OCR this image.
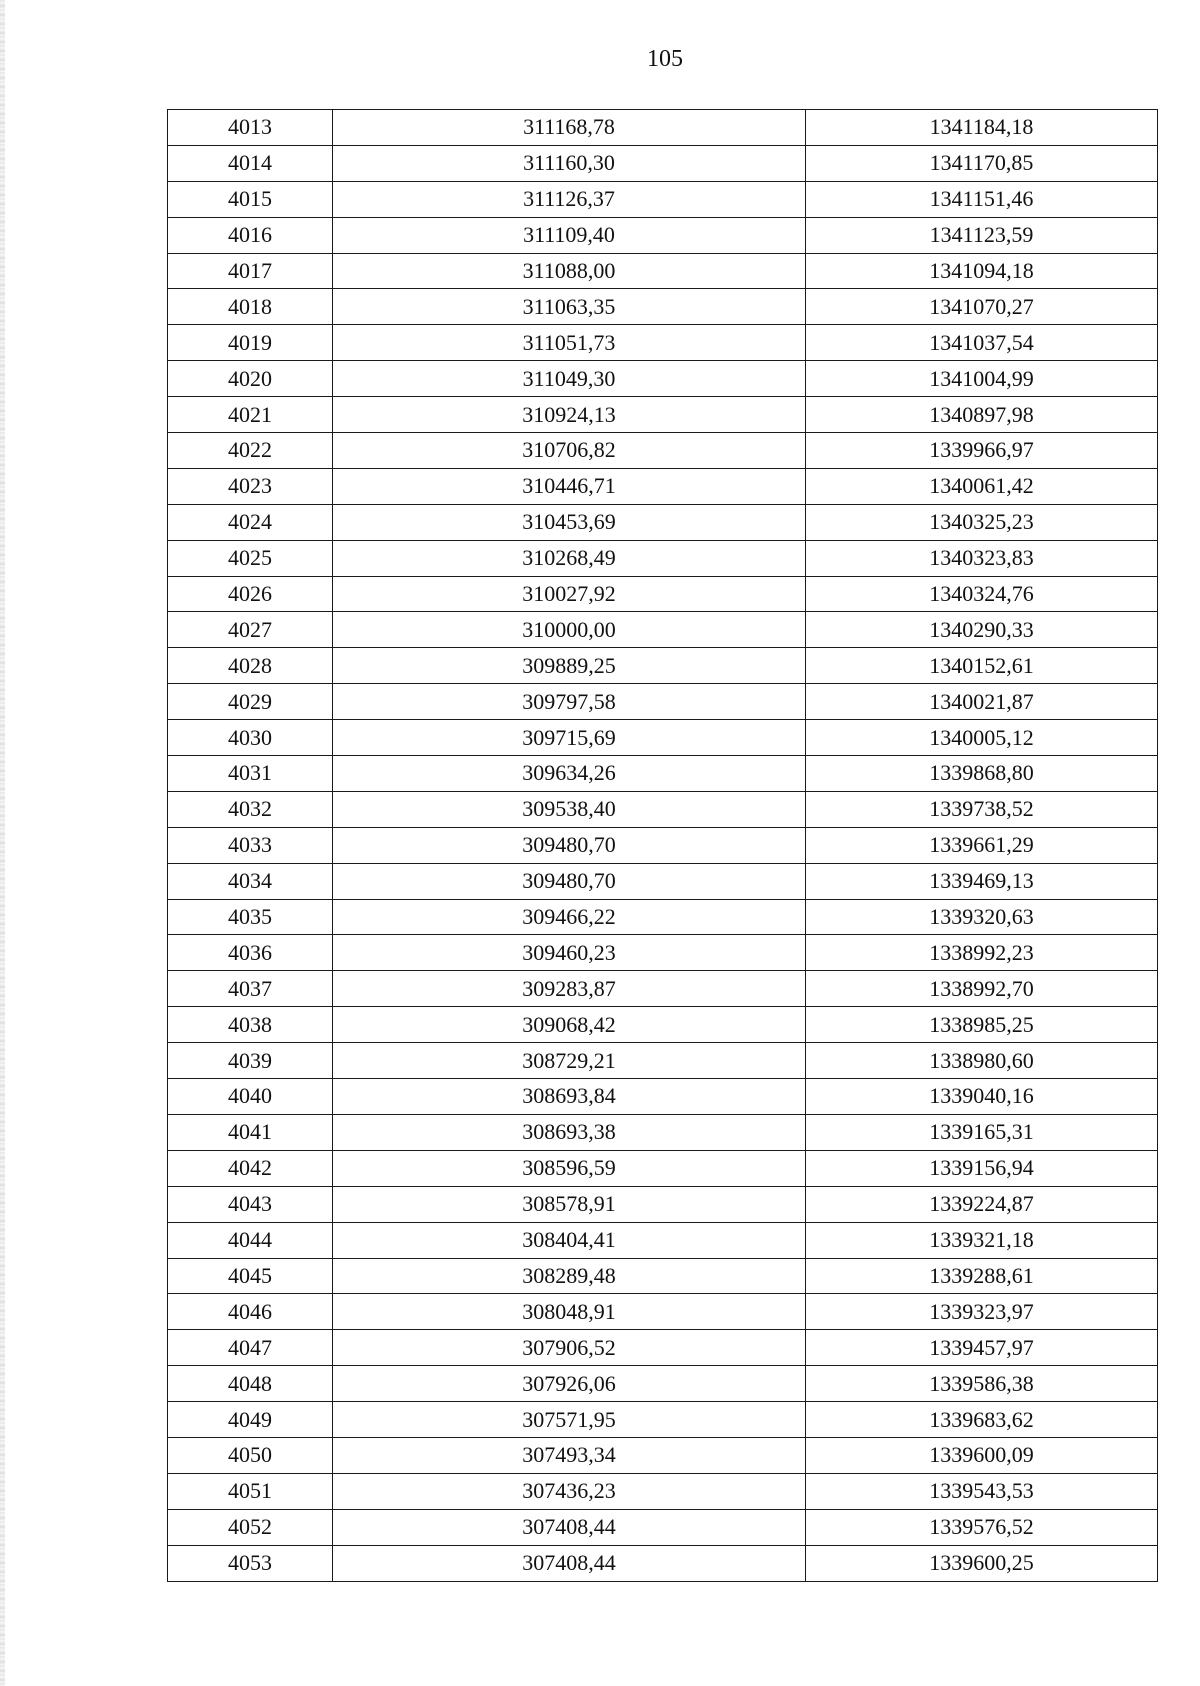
105
4013	311168,78	1341184,18
4014	311160,30	1341170,85
4015	311126,37	1341151,46
4016	311109,40	1341123,59
4017	311088,00	1341094,18
4018	311063,35	1341070,27
4019	311051,73	1341037,54
4020	311049,30	1341004,99
4021	310924,13	1340897,98
4022	310706,82	1339966,97
4023	310446,71	1340061,42
4024	310453,69	1340325,23
4025	310268,49	1340323,83
4026	310027,92	1340324,76
4027	310000,00	1340290,33
4028	309889,25	1340152,61
4029	309797,58	1340021,87
4030	309715,69	1340005,12
4031	309634,26	1339868,80
4032	309538,40	1339738,52
4033	309480,70	1339661,29
4034	309480,70	1339469,13
4035	309466,22	1339320,63
4036	309460,23	1338992,23
4037	309283,87	1338992,70
4038	309068,42	1338985,25
4039	308729,21	1338980,60
4040	308693,84	1339040,16
4041	308693,38	1339165,31
4042	308596,59	1339156,94
4043	308578,91	1339224,87
4044	308404,41	1339321,18
4045	308289,48	1339288,61
4046	308048,91	1339323,97
4047	307906,52	1339457,97
4048	307926,06	1339586,38
4049	307571,95	1339683,62
4050	307493,34	1339600,09
4051	307436,23	1339543,53
4052	307408,44	1339576,52
4053	307408,44	1339600,25
